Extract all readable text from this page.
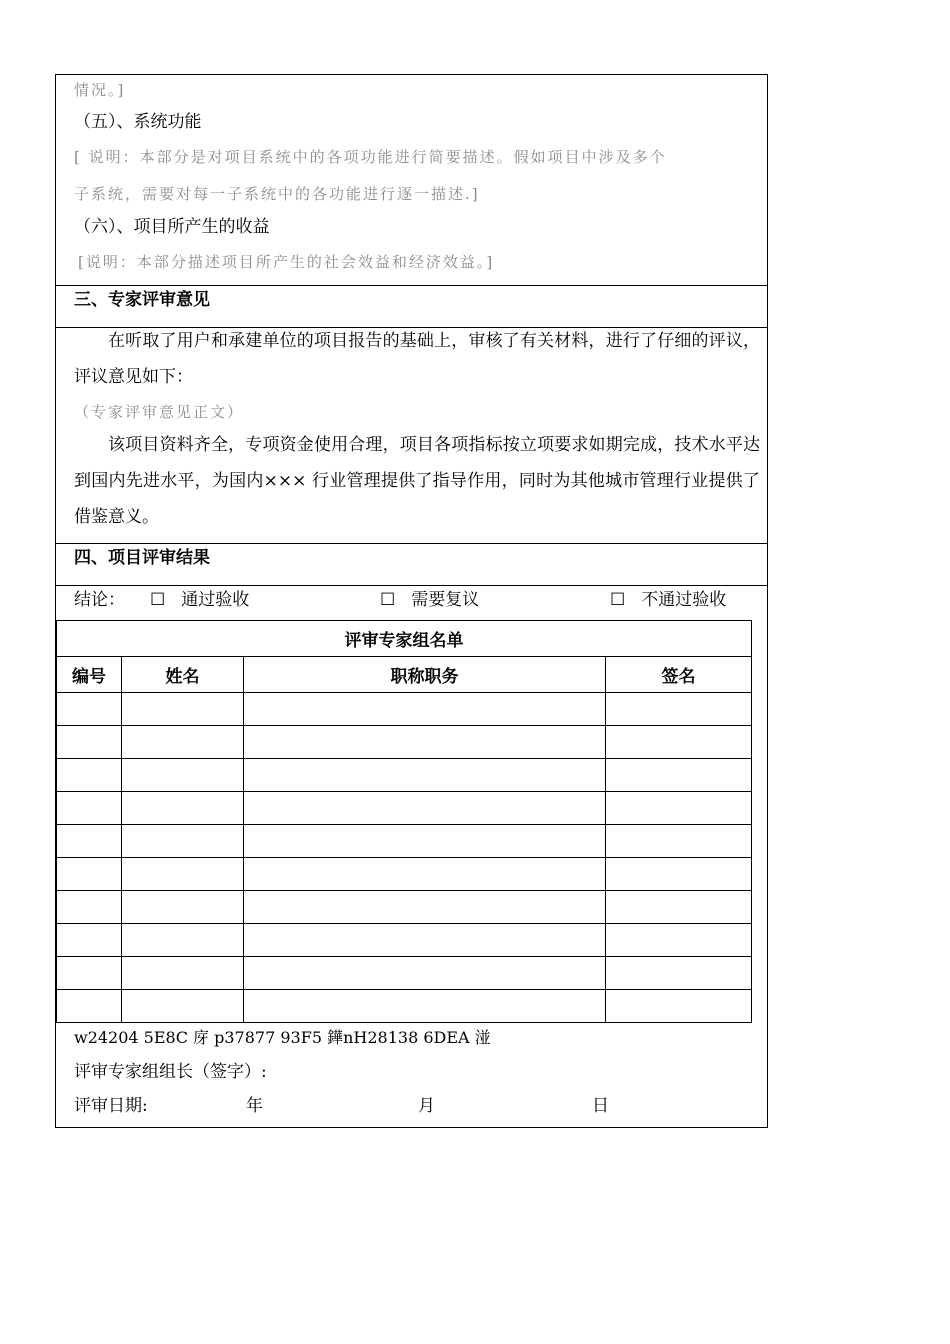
情况。]
（五）、系统功能
[ 说明：本部分是对项目系统中的各项功能进行简要描述。假如项目中涉及多个
子系统，需要对每一子系统中的各功能进行逐一描述.]
（六）、项目所产生的收益
[说明：本部分描述项目所产生的社会效益和经济效益。]
三、专家评审意见
在听取了用户和承建单位的项目报告的基础上，审核了有关材料，进行了仔细的评议，评议意见如下：
（专家评审意见正文）
该项目资料齐全，专项资金使用合理，项目各项指标按立项要求如期完成，技术水平达到国内先进水平，为国内××× 行业管理提供了指导作用，同时为其他城市管理行业提供了借鉴意义。
四、项目评审结果
结论： ☐ 通过验收	☐ 需要复议	☐ 不通过验收
评审专家组名单			
编号	姓名	职称职务	签名

w24204 5E8C 庌 p37877 93F5 鏵nH28138 6DEA 湴
评审专家组组长（签字）:
评审日期:	年	月	日
